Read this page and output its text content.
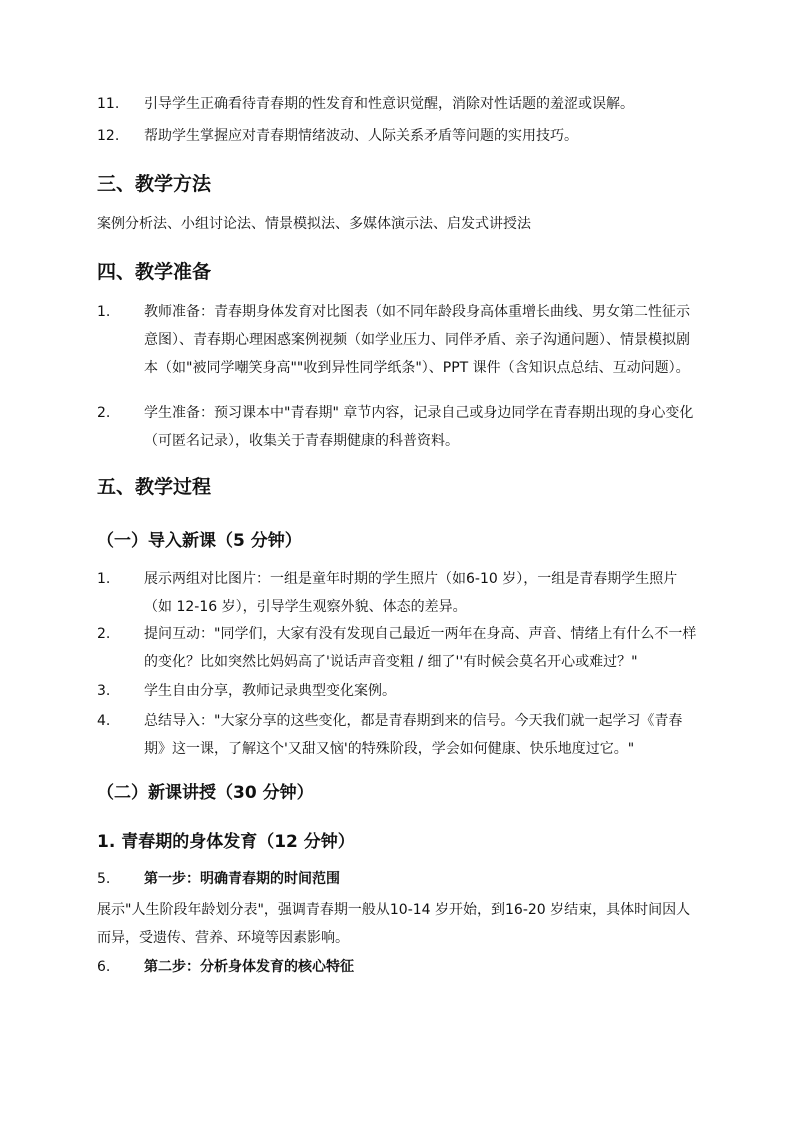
11.	引导学生正确看待青春期的性发育和性意识觉醒，消除对性话题的羞涩或误解。
12.	帮助学生掌握应对青春期情绪波动、人际关系矛盾等问题的实用技巧。
三、教学方法
案例分析法、小组讨论法、情景模拟法、多媒体演示法、启发式讲授法
四、教学准备
1.	教师准备：青春期身体发育对比图表（如不同年龄段身高体重增长曲线、男女第二性征示意图）、青春期心理困惑案例视频（如学业压力、同伴矛盾、亲子沟通问题）、情景模拟剧本（如"被同学嘲笑身高""收到异性同学纸条"）、PPT 课件（含知识点总结、互动问题）。
2.	学生准备：预习课本中"青春期" 章节内容，记录自己或身边同学在青春期出现的身心变化（可匿名记录），收集关于青春期健康的科普资料。
五、教学过程
（一）导入新课（5 分钟）
1.	展示两组对比图片：一组是童年时期的学生照片（如6-10 岁），一组是青春期学生照片（如 12-16 岁），引导学生观察外貌、体态的差异。
2.	提问互动："同学们，大家有没有发现自己最近一两年在身高、声音、情绪上有什么不一样的变化？比如突然比妈妈高了'说话声音变粗 / 细了''有时候会莫名开心或难过？"
3.	学生自由分享，教师记录典型变化案例。
4.	总结导入："大家分享的这些变化，都是青春期到来的信号。今天我们就一起学习《青春期》这一课，了解这个'又甜又恼'的特殊阶段，学会如何健康、快乐地度过它。"
（二）新课讲授（30 分钟）
1. 青春期的身体发育（12 分钟）
5.	第一步：明确青春期的时间范围
展示"人生阶段年龄划分表"，强调青春期一般从10-14 岁开始，到16-20 岁结束，具体时间因人而异，受遗传、营养、环境等因素影响。
6.	第二步：分析身体发育的核心特征
